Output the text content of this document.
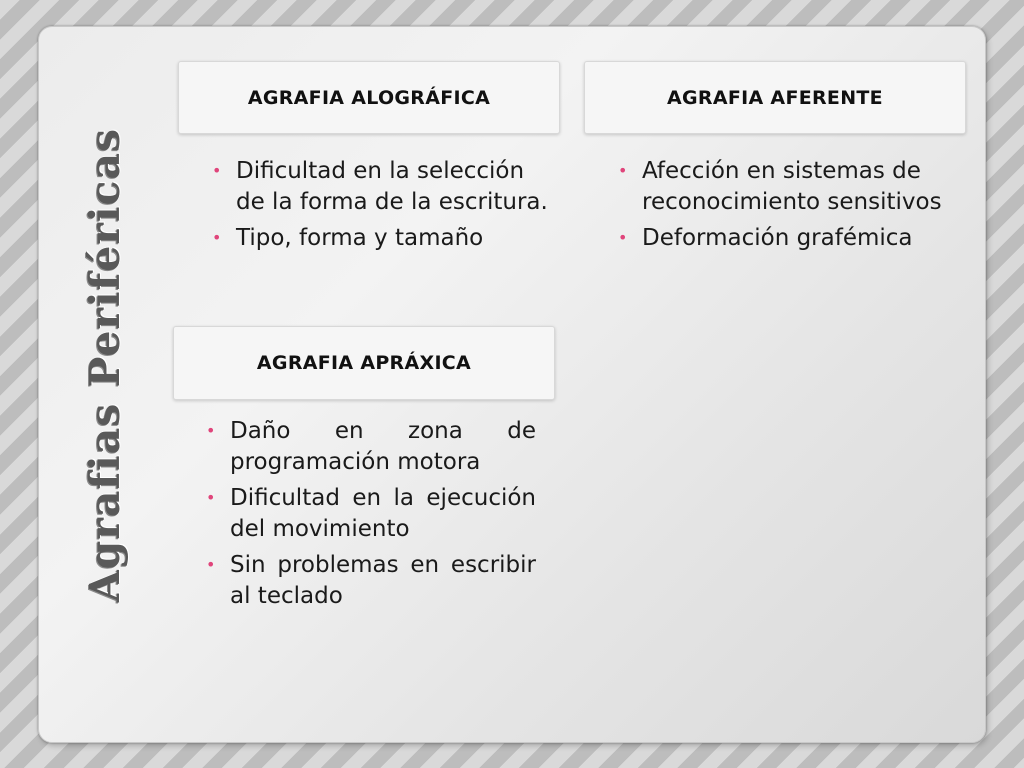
Agrafias Periféricas
AGRAFIA ALOGRÁFICA
• Dificultad en la selección de la forma de la escritura.
• Tipo, forma y tamaño
AGRAFIA AFERENTE
• Afección en sistemas de reconocimiento sensitivos
• Deformación grafémica
AGRAFIA APRÁXICA
• Daño en zona de programación motora
• Dificultad en la ejecución del movimiento
• Sin problemas en escribir al teclado
